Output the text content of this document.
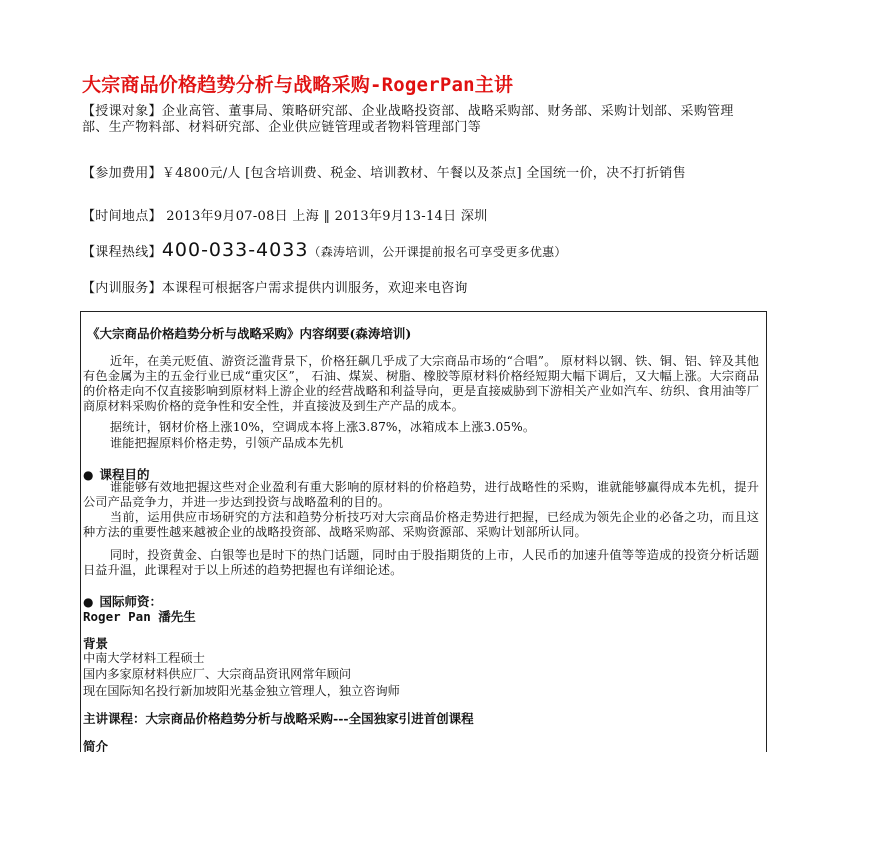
大宗商品价格趋势分析与战略采购-RogerPan主讲
【授课对象】企业高管、董事局、策略研究部、企业战略投资部、战略采购部、财务部、采购计划部、采购管理部、生产物料部、材料研究部、企业供应链管理或者物料管理部门等
【参加费用】￥4800元/人 [包含培训费、税金、培训教材、午餐以及茶点] 全国统一价，决不打折销售
【时间地点】 2013年9月07-08日 上海 ‖ 2013年9月13-14日 深圳
【课程热线】400-033-4033（森涛培训，公开课提前报名可享受更多优惠）
【内训服务】本课程可根据客户需求提供内训服务，欢迎来电咨询
《大宗商品价格趋势分析与战略采购》内容纲要(森涛培训)
近年，在美元贬值、游资泛滥背景下，价格狂飙几乎成了大宗商品市场的“合唱”。 原材料以钢、铁、铜、铝、锌及其他有色金属为主的五金行业已成“重灾区”， 石油、煤炭、树脂、橡胶等原材料价格经短期大幅下调后，又大幅上涨。大宗商品的价格走向不仅直接影响到原材料上游企业的经营战略和利益导向，更是直接威胁到下游相关产业如汽车、纺织、食用油等厂商原材料采购价格的竞争性和安全性，并直接波及到生产产品的成本。
据统计，钢材价格上涨10%，空调成本将上涨3.87%，冰箱成本上涨3.05%。
谁能把握原料价格走势，引领产品成本先机
● 课程目的
谁能够有效地把握这些对企业盈利有重大影响的原材料的价格趋势，进行战略性的采购，谁就能够赢得成本先机，提升公司产品竞争力，并进一步达到投资与战略盈利的目的。
当前，运用供应市场研究的方法和趋势分析技巧对大宗商品价格走势进行把握，已经成为领先企业的必备之功，而且这种方法的重要性越来越被企业的战略投资部、战略采购部、采购资源部、采购计划部所认同。
同时，投资黄金、白银等也是时下的热门话题，同时由于股指期货的上市，人民币的加速升值等等造成的投资分析话题日益升温，此课程对于以上所述的趋势把握也有详细论述。
● 国际师资：
Roger Pan 潘先生
背景
中南大学材料工程硕士
国内多家原材料供应厂、大宗商品资讯网常年顾问
现在国际知名投行新加坡阳光基金独立管理人，独立咨询师
主讲课程：大宗商品价格趋势分析与战略采购---全国独家引进首创课程
简介
